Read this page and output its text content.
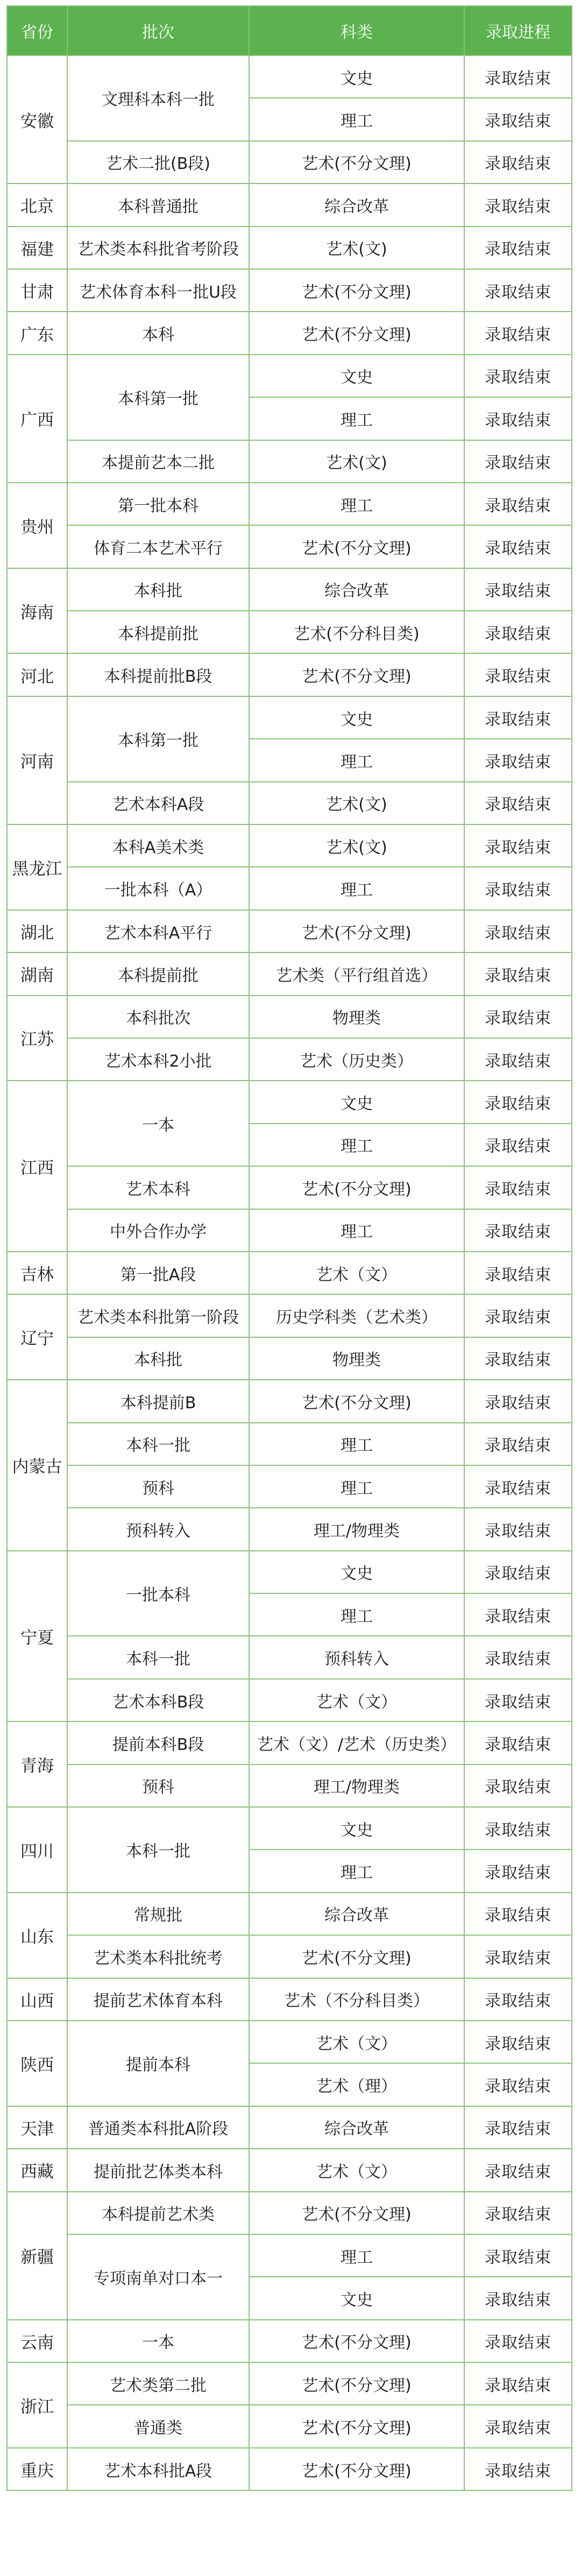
省份	批次	科类	录取进程
安徽	文理科本科一批	文史	录取结束
		理工	录取结束
	艺术二批(B段)	艺术(不分文理)	录取结束
北京	本科普通批	综合改革	录取结束
福建	艺术类本科批省考阶段	艺术(文)	录取结束
甘肃	艺术体育本科一批U段	艺术(不分文理)	录取结束
广东	本科	艺术(不分文理)	录取结束
广西	本科第一批	文史	录取结束
		理工	录取结束
	本提前艺本二批	艺术(文)	录取结束
贵州	第一批本科	理工	录取结束
	体育二本艺术平行	艺术(不分文理)	录取结束
海南	本科批	综合改革	录取结束
	本科提前批	艺术(不分科目类)	录取结束
河北	本科提前批B段	艺术(不分文理)	录取结束
河南	本科第一批	文史	录取结束
		理工	录取结束
	艺术本科A段	艺术(文)	录取结束
黑龙江	本科A美术类	艺术(文)	录取结束
	一批本科（A）	理工	录取结束
湖北	艺术本科A平行	艺术(不分文理)	录取结束
湖南	本科提前批	艺术类（平行组首选）	录取结束
江苏	本科批次	物理类	录取结束
	艺术本科2小批	艺术（历史类）	录取结束
江西	一本	文史	录取结束
		理工	录取结束
	艺术本科	艺术(不分文理)	录取结束
	中外合作办学	理工	录取结束
吉林	第一批A段	艺术（文）	录取结束
辽宁	艺术类本科批第一阶段	历史学科类（艺术类）	录取结束
	本科批	物理类	录取结束
内蒙古	本科提前B	艺术(不分文理)	录取结束
	本科一批	理工	录取结束
	预科	理工	录取结束
	预科转入	理工/物理类	录取结束
宁夏	一批本科	文史	录取结束
		理工	录取结束
	本科一批	预科转入	录取结束
	艺术本科B段	艺术（文）	录取结束
青海	提前本科B段	艺术（文）/艺术（历史类）	录取结束
	预科	理工/物理类	录取结束
四川	本科一批	文史	录取结束
		理工	录取结束
山东	常规批	综合改革	录取结束
	艺术类本科批统考	艺术(不分文理)	录取结束
山西	提前艺术体育本科	艺术（不分科目类）	录取结束
陕西	提前本科	艺术（文）	录取结束
		艺术（理）	录取结束
天津	普通类本科批A阶段	综合改革	录取结束
西藏	提前批艺体类本科	艺术（文）	录取结束
新疆	本科提前艺术类	艺术(不分文理)	录取结束
	专项南单对口本一	理工	录取结束
		文史	录取结束
云南	一本	艺术(不分文理)	录取结束
浙江	艺术类第二批	艺术(不分文理)	录取结束
	普通类	艺术(不分文理)	录取结束
重庆	艺术本科批A段	艺术(不分文理)	录取结束
